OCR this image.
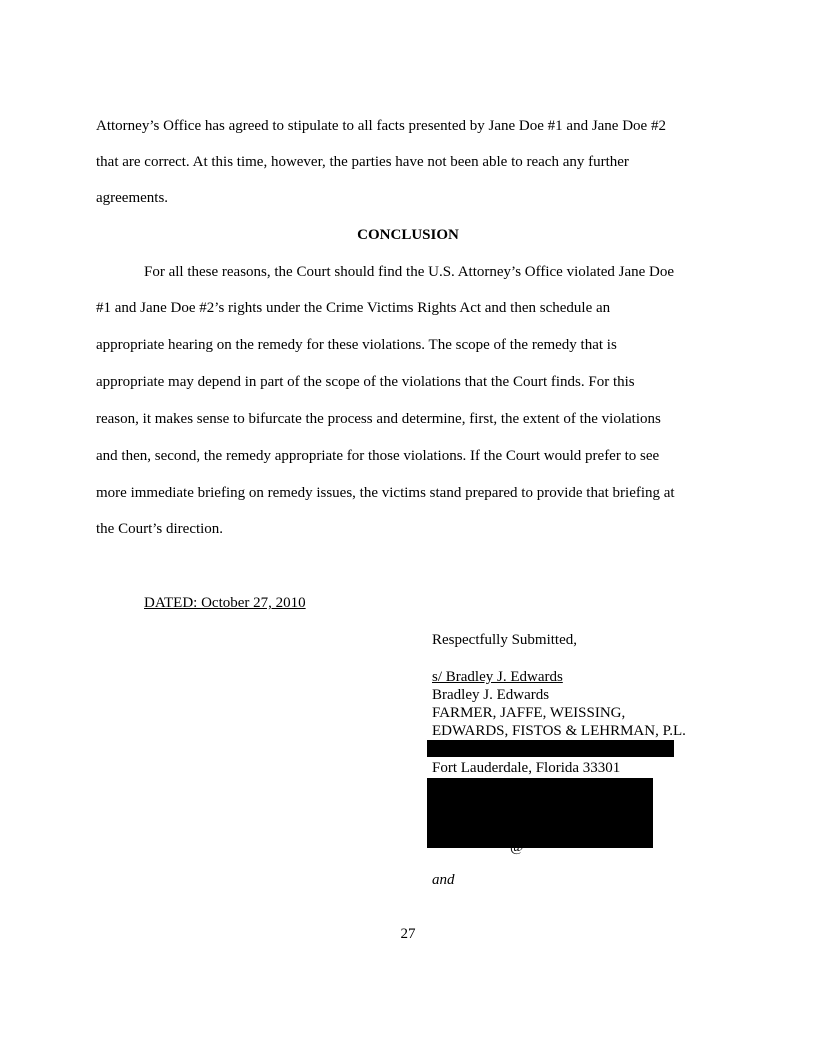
Attorney’s Office has agreed to stipulate to all facts presented by Jane Doe #1 and Jane Doe #2
that are correct. At this time, however, the parties have not been able to reach any further
agreements.
CONCLUSION
For all these reasons, the Court should find the U.S. Attorney’s Office violated Jane Doe
#1 and Jane Doe #2’s rights under the Crime Victims Rights Act and then schedule an
appropriate hearing on the remedy for these violations. The scope of the remedy that is
appropriate may depend in part of the scope of the violations that the Court finds. For this
reason, it makes sense to bifurcate the process and determine, first, the extent of the violations
and then, second, the remedy appropriate for those violations. If the Court would prefer to see
more immediate briefing on remedy issues, the victims stand prepared to provide that briefing at
the Court’s direction.
DATED: October 27, 2010
Respectfully Submitted,
s/ Bradley J. Edwards
Bradley J. Edwards
FARMER, JAFFE, WEISSING,
EDWARDS, FISTOS & LEHRMAN, P.L.
Fort Lauderdale, Florida 33301
and
27
